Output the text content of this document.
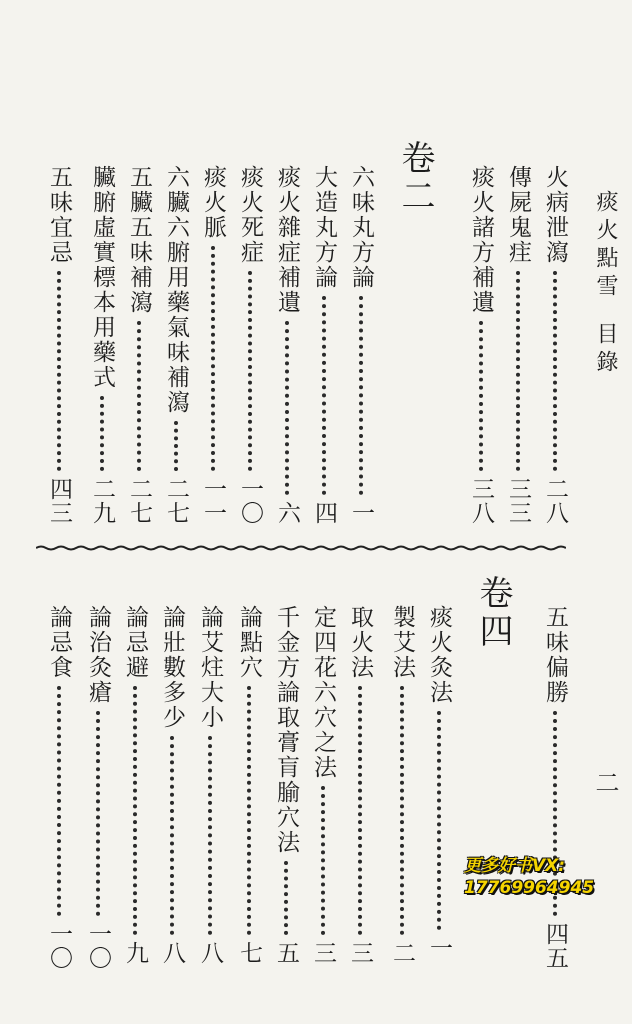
痰火點雪目錄
二
火病泄瀉
二八
傳屍鬼疰
三三
痰火諸方補遺
三八
卷二
六味丸方論
一
大造丸方論
四
痰火雜症補遺
六
痰火死症
一〇
痰火脈
一一
六臟六腑用藥氣味補瀉
二七
五臟五味補瀉
二七
臟腑虛實標本用藥式
二九
五味宜忌
四三
五味偏勝
四五
卷四
痰火灸法
一
製艾法
二
取火法
三
定四花六穴之法
三
千金方論取膏肓腧穴法
五
論點穴
七
論艾炷大小
八
論壯數多少
八
論忌避
九
論治灸瘡
一〇
論忌食
一〇
更多好书VX:
17769964945
